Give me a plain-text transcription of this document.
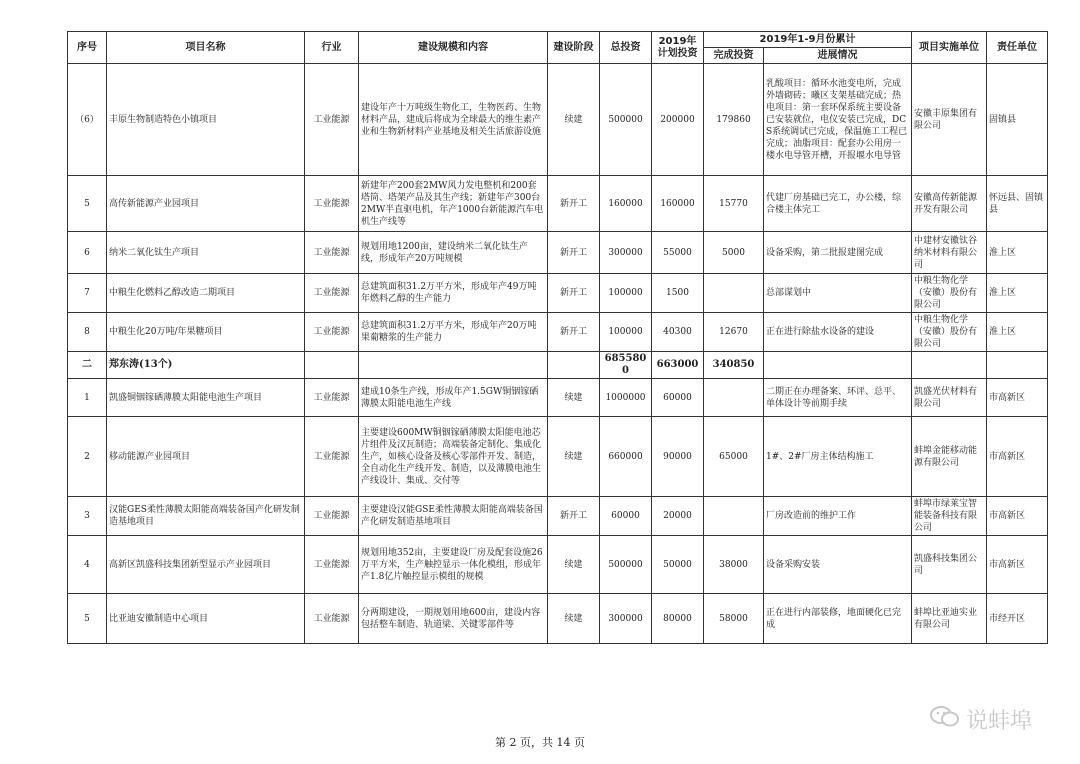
序号	项目名称	行业	建设规模和内容	建设阶段	总投资	2019年计划投资	2019年1-9月份累计		项目实施单位	责任单位
							完成投资	进展情况		
（6）	丰原生物制造特色小镇项目	工业能源	建设年产十万吨级生物化工，生物医药、生物材料产品，建成后将成为全球最大的维生素产业和生物新材料产业基地及相关生活旅游设施	续建	500000	200000	179860	乳酸项目：循环水池变电所，完成外墙砌砖；曦区支架基础完成；热电项目：第一套环保系统主要设备已安装就位，电仪安装已完成，DCS系统调试已完成，保温施工工程已完成；油脂项目：配套办公用房一楼水电导管开槽，开报堰水电导管	安徽丰原集团有限公司	固镇县
5	高传新能源产业园项目	工业能源	新建年产200套2MW风力发电整机和200套塔筒、塔架产品及其生产线；新建年产300台2MW半直驱电机，年产1000台新能源汽车电机生产线等	新开工	160000	160000	15770	代建厂房基础已完工，办公楼，综合楼主体完工	安徽高传新能源开发有限公司	怀远县、固镇县
6	纳米二氧化钛生产项目	工业能源	规划用地1200亩，建设纳米二氧化钛生产线，形成年产20万吨规模	新开工	300000	55000	5000	设备采购，第二批报建图完成	中建材安徽钛谷纳米材料有限公司	淮上区
7	中粮生化燃料乙醇改造二期项目	工业能源	总建筑面积31.2万平方米，形成年产49万吨年燃料乙醇的生产能力	新开工	100000	1500		总部谋划中	中粮生物化学（安徽）股份有限公司	淮上区
8	中粮生化20万吨/年果糖项目	工业能源	总建筑面积31.2万平方米，形成年产20万吨果葡糖浆的生产能力	新开工	100000	40300	12670	正在进行除盐水设备的建设	中粮生物化学（安徽）股份有限公司	淮上区
二	郑东涛(13个)				6855800	663000	340850			
1	凯盛铜铟镓硒薄膜太阳能电池生产项目	工业能源	建成10条生产线，形成年产1.5GW铜铟镓硒薄膜太阳能电池生产线	续建	1000000	60000		二期正在办理备案、环评、总平、单体设计等前期手续	凯盛光伏材料有限公司	市高新区
2	移动能源产业园项目	工业能源	主要建设600MW铜铟镓硒薄膜太阳能电池芯片组件及汉瓦制造；高端装备定制化、集成化生产，如核心设备及核心零部件开发、制造，全自动化生产线开发、制造，以及薄膜电池生产线设计、集成、交付等	续建	660000	90000	65000	1#、2#厂房主体结构施工	蚌埠金能移动能源有限公司	市高新区
3	汉能GES柔性薄膜太阳能高端装备国产化研发制造基地项目	工业能源	主要建设汉能GSE柔性薄膜太阳能高端装备国产化研发制造基地项目	新开工	60000	20000		厂房改造前的维护工作	蚌埠市绿莱宝智能装备科技有限公司	市高新区
4	高新区凯盛科技集团新型显示产业园项目	工业能源	规划用地352亩，主要建设厂房及配套设施26万平方米，生产触控显示一体化模组，形成年产1.8亿片触控显示模组的规模	续建	500000	50000	38000	设备采购安装	凯盛科技集团公司	市高新区
5	比亚迪安徽制造中心项目	工业能源	分两期建设，一期规划用地600亩，建设内容包括整车制造、轨道梁、关键零部件等	续建	300000	80000	58000	正在进行内部装修，地面硬化已完成	蚌埠比亚迪实业有限公司	市经开区
说蚌埠
第 2 页，共 14 页
